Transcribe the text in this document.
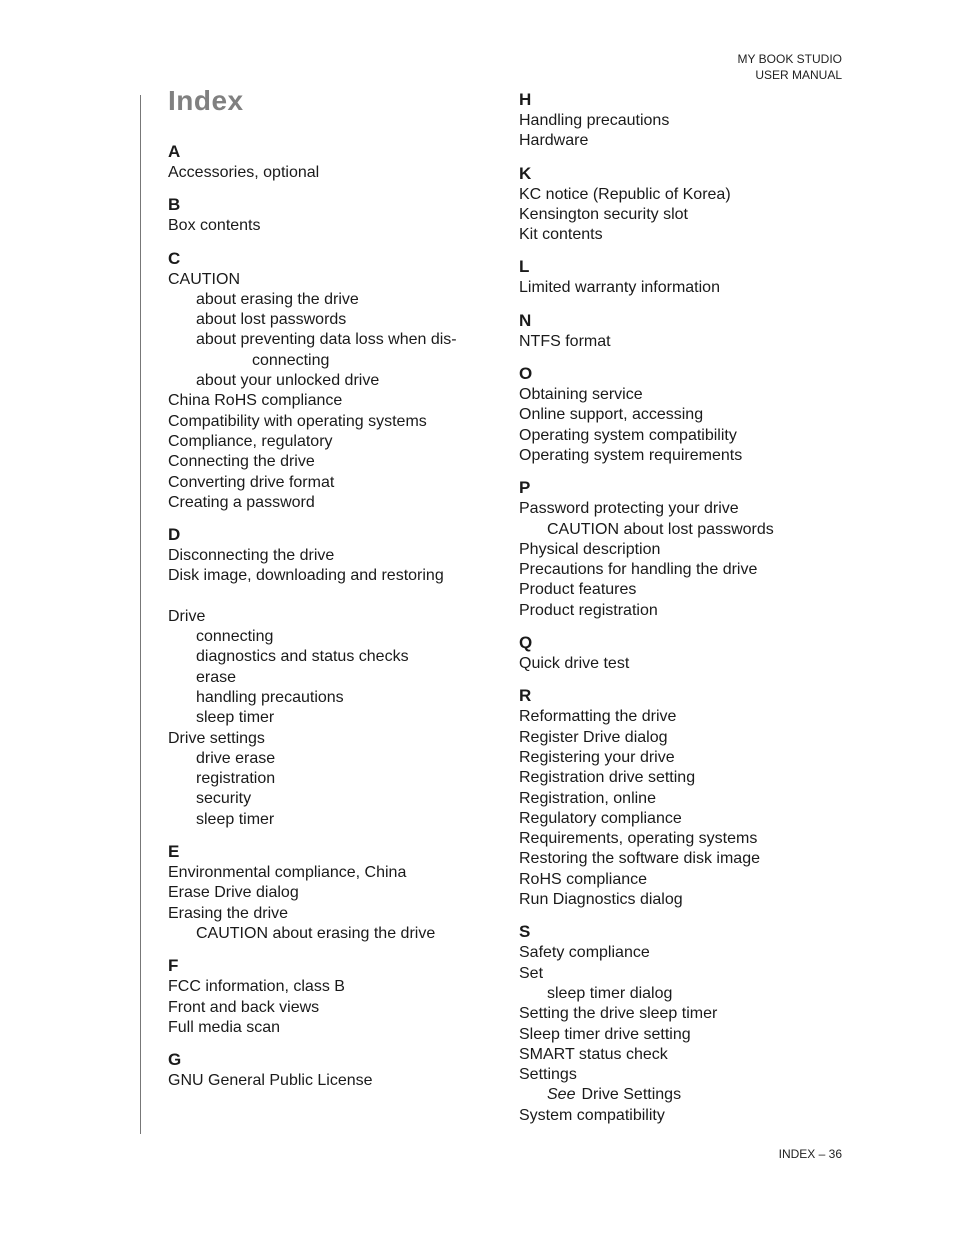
MY BOOK STUDIO
USER MANUAL
Index
A
Accessories, optional
B
Box contents
C
CAUTION
about erasing the drive
about lost passwords
about preventing data loss when dis-
connecting
about your unlocked drive
China RoHS compliance
Compatibility with operating systems
Compliance, regulatory
Connecting the drive
Converting drive format
Creating a password
D
Disconnecting the drive
Disk image, downloading and restoring
Drive
connecting
diagnostics and status checks
erase
handling precautions
sleep timer
Drive settings
drive erase
registration
security
sleep timer
E
Environmental compliance, China
Erase Drive dialog
Erasing the drive
CAUTION about erasing the drive
F
FCC information, class B
Front and back views
Full media scan
G
GNU General Public License
H
Handling precautions
Hardware
K
KC notice (Republic of Korea)
Kensington security slot
Kit contents
L
Limited warranty information
N
NTFS format
O
Obtaining service
Online support, accessing
Operating system compatibility
Operating system requirements
P
Password protecting your drive
CAUTION about lost passwords
Physical description
Precautions for handling the drive
Product features
Product registration
Q
Quick drive test
R
Reformatting the drive
Register Drive dialog
Registering your drive
Registration drive setting
Registration, online
Regulatory compliance
Requirements, operating systems
Restoring the software disk image
RoHS compliance
Run Diagnostics dialog
S
Safety compliance
Set
sleep timer dialog
Setting the drive sleep timer
Sleep timer drive setting
SMART status check
Settings
See Drive Settings
System compatibility
INDEX – 36
